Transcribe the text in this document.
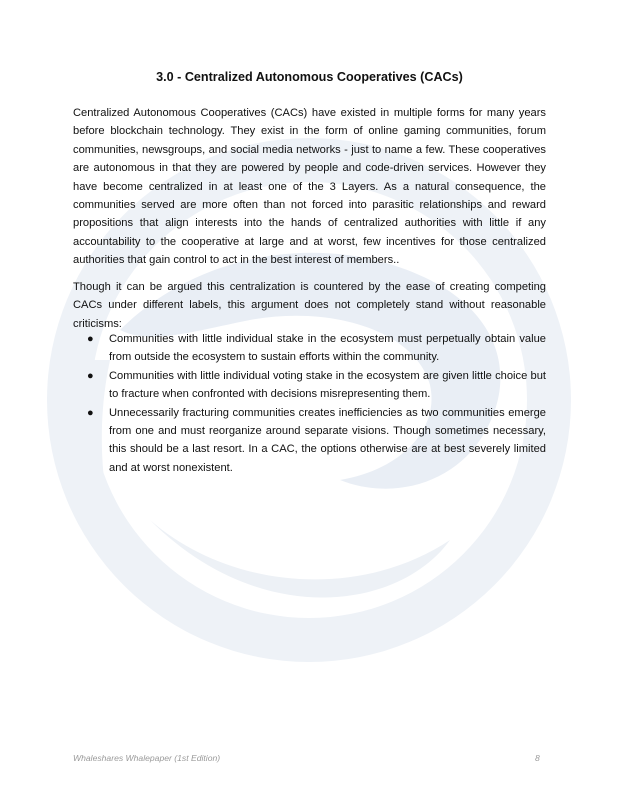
3.0 - Centralized Autonomous Cooperatives (CACs)

Centralized Autonomous Cooperatives (CACs) have existed in multiple forms for many years before blockchain technology. They exist in the form of online gaming communities, forum communities, newsgroups, and social media networks - just to name a few. These cooperatives are autonomous in that they are powered by people and code-driven services. However they have become centralized in at least one of the 3 Layers. As a natural consequence, the communities served are more often than not forced into parasitic relationships and reward propositions that align interests into the hands of centralized authorities with little if any accountability to the cooperative at large and at worst, few incentives for those centralized authorities that gain control to act in the best interest of members..

Though it can be argued this centralization is countered by the ease of creating competing CACs under different labels, this argument does not completely stand without reasonable criticisms:

● Communities with little individual stake in the ecosystem must perpetually obtain value from outside the ecosystem to sustain efforts within the community.
● Communities with little individual voting stake in the ecosystem are given little choice but to fracture when confronted with decisions misrepresenting them.
● Unnecessarily fracturing communities creates inefficiencies as two communities emerge from one and must reorganize around separate visions. Though sometimes necessary, this should be a last resort. In a CAC, the options otherwise are at best severely limited and at worst nonexistent.
Whaleshares Whalepaper (1st Edition)	8
